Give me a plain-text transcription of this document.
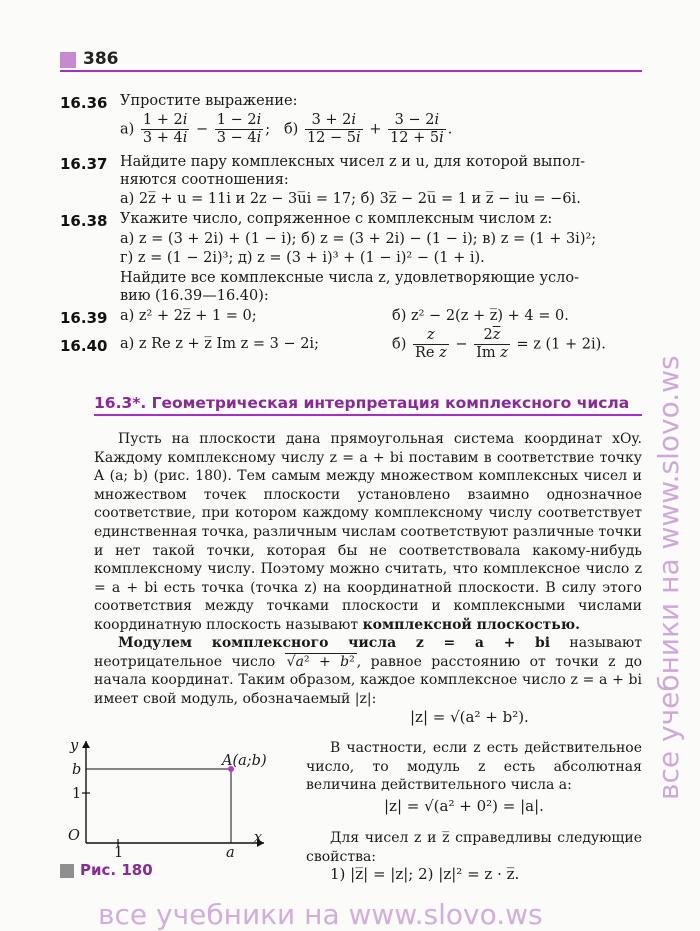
386
16.36 Упростите выражение:
$а) \frac{1 + 2i}{3 + 4i} - \frac{1 - 2i}{3 - 4i}$ ;   $б) \frac{3 + 2i}{12 - 5i} + \frac{3 - 2i}{12 + 5i}$ .
16.37 Найдите пару комплексных чисел z и u, для которой выпол-
няются соотношения:
а) 2z̅ + u = 11i и 2z − 3u̅i = 17; б) 3z̅ − 2u̅ = 1 и z̅ − iu = −6i.
16.38 Укажите число, сопряженное с комплексным числом z:
а) z = (3 + 2i) + (1 − i); б) z = (3 + 2i) − (1 − i); в) z = (1 + 3i)²;
г) z = (1 − 2i)³; д) z = (3 + i)³ + (1 − i)² − (1 + i).
Найдите все комплексные числа z, удовлетворяющие усло-
вию (16.39—16.40):
16.39 а) z² + 2z̅ + 1 = 0;	б) z² − 2(z + z̅) + 4 = 0.
16.40 а) z Re z + z̅ Im z = 3 − 2i;	$б) \frac{z}{\text{Re z}} - \frac{2\overline{z}}{\text{Im z}} = z$ (1 + 2i).
16.3*. Геометрическая интерпретация комплексного числа
Пусть на плоскости дана прямоугольная система координат xOy. Каждому комплексному числу z = a + bi поставим в соответствие точку A (a; b) (рис. 180). Тем самым между множеством комплексных чисел и множеством точек плоскости установлено взаимно однозначное соответствие, при котором каждому комплексному числу соответствует единственная точка, различным числам соответствуют различные точки и нет такой точки, которая бы не соответствовала какому-нибудь комплексному числу. Поэтому можно считать, что комплексное число z = a + bi есть точка (точка z) на координатной плоскости. В силу этого соответствия между точками плоскости и комплексными числами координатную плоскость называют комплексной плоскостью.
Модулем комплексного числа z = a + bi называют неотрицательное число √a² + b² , равное расстоянию от точки z до начала координат. Таким образом, каждое комплексное число z = a + bi имеет свой модуль, обозначаемый |z|:
|z| = √(a² + b²).
y
x
O
1
1
a
b
A(a;b)
Рис. 180
В частности, если z есть действительное число, то модуль z есть абсолютная величина действительного числа a:
|z| = √(a² + 0²) = |a|.
Для чисел z и z̅ справедливы следующие свойства:
1) |z̅| = |z|; 2) |z|² = z · z̅.
все учебники на www.slovo.ws
все учебники на www.slovo.ws
